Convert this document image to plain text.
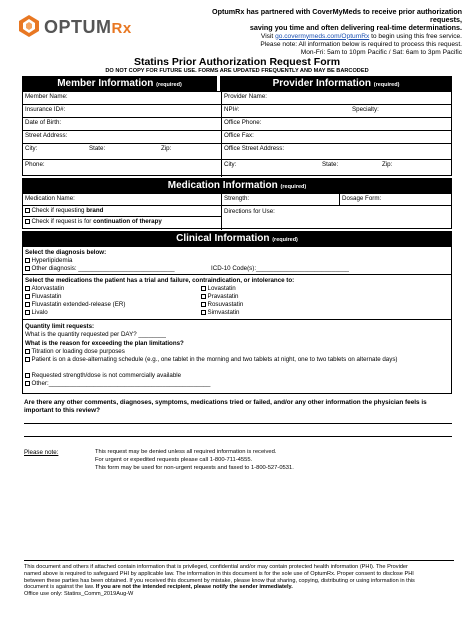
OPTUMRx
OptumRx has partnered with CoverMyMeds to receive prior authorization requests,
saving you time and often delivering real-time determinations.
Visit go.covermymeds.com/OptumRx to begin using this free service.
Please note: All information below is required to process this request.
Mon-Fri: 5am to 10pm Pacific / Sat: 6am to 3pm Pacific
Statins Prior Authorization Request Form
DO NOT COPY FOR FUTURE USE. FORMS ARE UPDATED FREQUENTLY AND MAY BE BARCODED
Member Information (required)	Provider Information (required)
Member Name:
Insurance ID#:
Date of Birth:
Street Address:
City:	State:	Zip:
Phone:
Provider Name:
NPI#:	Specialty:
Office Phone:
Office Fax:
Office Street Address:
City:	State:	Zip:
Medication Information (required)
Medication Name:	Strength:	Dosage Form:
Check if requesting brand
Check if request is for continuation of therapy
Directions for Use:
Clinical Information (required)
Select the diagnosis below:
Hyperlipidemia
Other diagnosis: ____________________________	ICD-10 Code(s):___________________________
Select the medications the patient has a trial and failure, contraindication, or intolerance to:
Atorvastatin
Fluvastatin
Fluvastatin extended-release (ER)
Livalo
Lovastatin
Pravastatin
Rosuvastatin
Simvastatin
Quantity limit requests:
What is the quantity requested per DAY? ________
What is the reason for exceeding the plan limitations?
Titration or loading dose purposes
Patient is on a dose-alternating schedule (e.g., one tablet in the morning and two tablets at night, one to two tablets on alternate days)
Requested strength/dose is not commercially available
Other:_______________________________________________
Are there any other comments, diagnoses, symptoms, medications tried or failed, and/or any other information the physician feels is important to this review?
Please note:	This request may be denied unless all required information is received.
For urgent or expedited requests please call 1-800-711-4555.
This form may be used for non-urgent requests and faxed to 1-800-527-0531.
This document and others if attached contain information that is privileged, confidential and/or may contain protected health information (PHI). The Provider
named above is required to safeguard PHI by applicable law. The information in this document is for the sole use of OptumRx. Proper consent to disclose PHI
between these parties has been obtained. If you received this document by mistake, please know that sharing, copying, distributing or using information in this
document is against the law. If you are not the intended recipient, please notify the sender immediately.
Office use only: Statins_Comm_2019Aug-W
